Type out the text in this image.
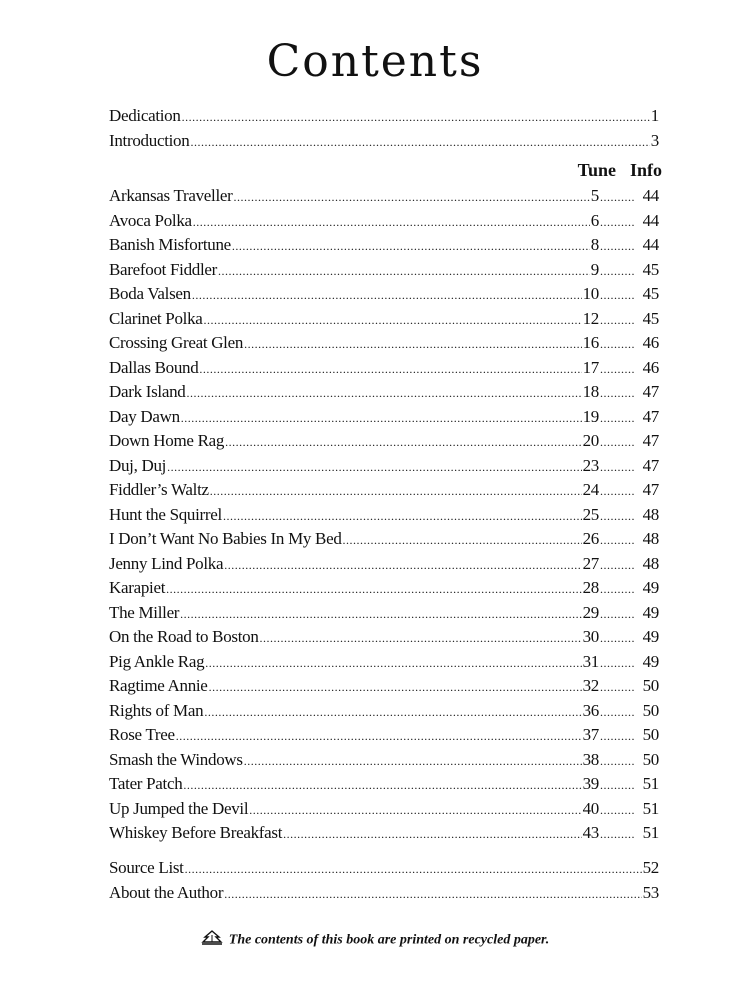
Contents
Dedication .....	1
Introduction .....	3
Tune Info
Arkansas Traveller .....	5 .....	44
Avoca Polka .....	6 .....	44
Banish Misfortune .....	8 .....	44
Barefoot Fiddler .....	9 .....	45
Boda Valsen .....	10 .....	45
Clarinet Polka .....	12 .....	45
Crossing Great Glen .....	16 .....	46
Dallas Bound .....	17 .....	46
Dark Island .....	18 .....	47
Day Dawn .....	19 .....	47
Down Home Rag .....	20 .....	47
Duj, Duj .....	23 .....	47
Fiddler’s Waltz .....	24 .....	47
Hunt the Squirrel .....	25 .....	48
I Don’t Want No Babies In My Bed .....	26 .....	48
Jenny Lind Polka .....	27 .....	48
Karapiet .....	28 .....	49
The Miller .....	29 .....	49
On the Road to Boston .....	30 .....	49
Pig Ankle Rag .....	31 .....	49
Ragtime Annie .....	32 .....	50
Rights of Man .....	36 .....	50
Rose Tree .....	37 .....	50
Smash the Windows .....	38 .....	50
Tater Patch .....	39 .....	51
Up Jumped the Devil .....	40 .....	51
Whiskey Before Breakfast .....	43 .....	51
Source List .....	52
About the Author .....	53
The contents of this book are printed on recycled paper.
